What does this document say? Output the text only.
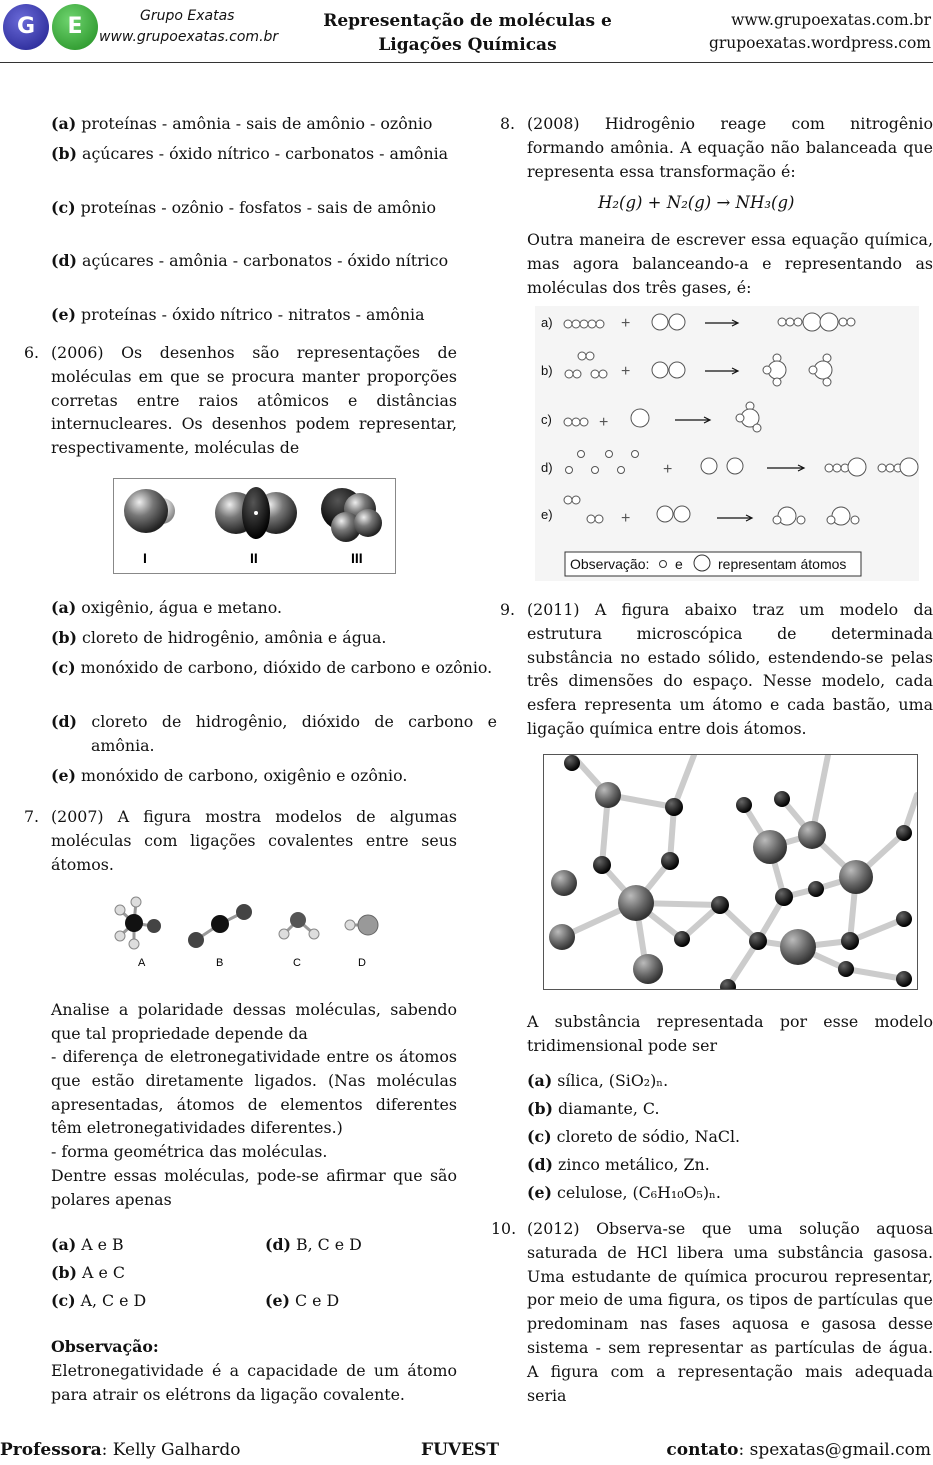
G	E	Grupo Exatas
www.grupoexatas.com.br
Representação de moléculas e
Ligações Químicas
www.grupoexatas.com.br
grupoexatas.wordpress.com
(a) proteínas - amônia - sais de amônio - ozônio
(b) açúcares - óxido nítrico - carbonatos - amônia
(c) proteínas - ozônio - fosfatos - sais de amônio
(d) açúcares - amônia - carbonatos - óxido nítrico
(e) proteínas - óxido nítrico - nitratos - amônia
6. (2006) Os desenhos são representações de moléculas em que se procura manter proporções corretas entre raios atômicos e distâncias internucleares. Os desenhos podem representar, respectivamente, moléculas de
I	II	III
(a) oxigênio, água e metano.
(b) cloreto de hidrogênio, amônia e água.
(c) monóxido de carbono, dióxido de carbono e ozônio.
(d) cloreto de hidrogênio, dióxido de carbono e amônia.
(e) monóxido de carbono, oxigênio e ozônio.
7. (2007) A figura mostra modelos de algumas moléculas com ligações covalentes entre seus átomos.
A	B	C	D
Analise a polaridade dessas moléculas, sabendo que tal propriedade depende da
- diferença de eletronegatividade entre os átomos que estão diretamente ligados. (Nas moléculas apresentadas, átomos de elementos diferentes têm eletronegatividades diferentes.)
- forma geométrica das moléculas.
Dentre essas moléculas, pode-se afirmar que são polares apenas
(a) A e B
(b) A e C
(c) A, C e D
(d) B, C e D
(e) C e D
Observação:
Eletronegatividade é a capacidade de um átomo para atrair os elétrons da ligação covalente.
8. (2008) Hidrogênio reage com nitrogênio formando amônia. A equação não balanceada que representa essa transformação é:
H₂(g) + N₂(g) → NH₃(g)
Outra maneira de escrever essa equação química, mas agora balanceando-a e representando as moléculas dos três gases, é:
a)
b)
c)
d)
e)
+
+
+
+
+
Observação: e	representam átomos
9. (2011) A figura abaixo traz um modelo da estrutura microscópica de determinada substância no estado sólido, estendendo-se pelas três dimensões do espaço. Nesse modelo, cada esfera representa um átomo e cada bastão, uma ligação química entre dois átomos.
A substância representada por esse modelo tridimensional pode ser
(a) sílica, (SiO₂)ₙ.
(b) diamante, C.
(c) cloreto de sódio, NaCl.
(d) zinco metálico, Zn.
(e) celulose, (C₆H₁₀O₅)ₙ.
10. (2012) Observa-se que uma solução aquosa saturada de HCl libera uma substância gasosa. Uma estudante de química procurou representar, por meio de uma figura, os tipos de partículas que predominam nas fases aquosa e gasosa desse sistema - sem representar as partículas de água. A figura com a representação mais adequada seria
Professora: Kelly Galhardo	FUVEST	contato: spexatas@gmail.com
